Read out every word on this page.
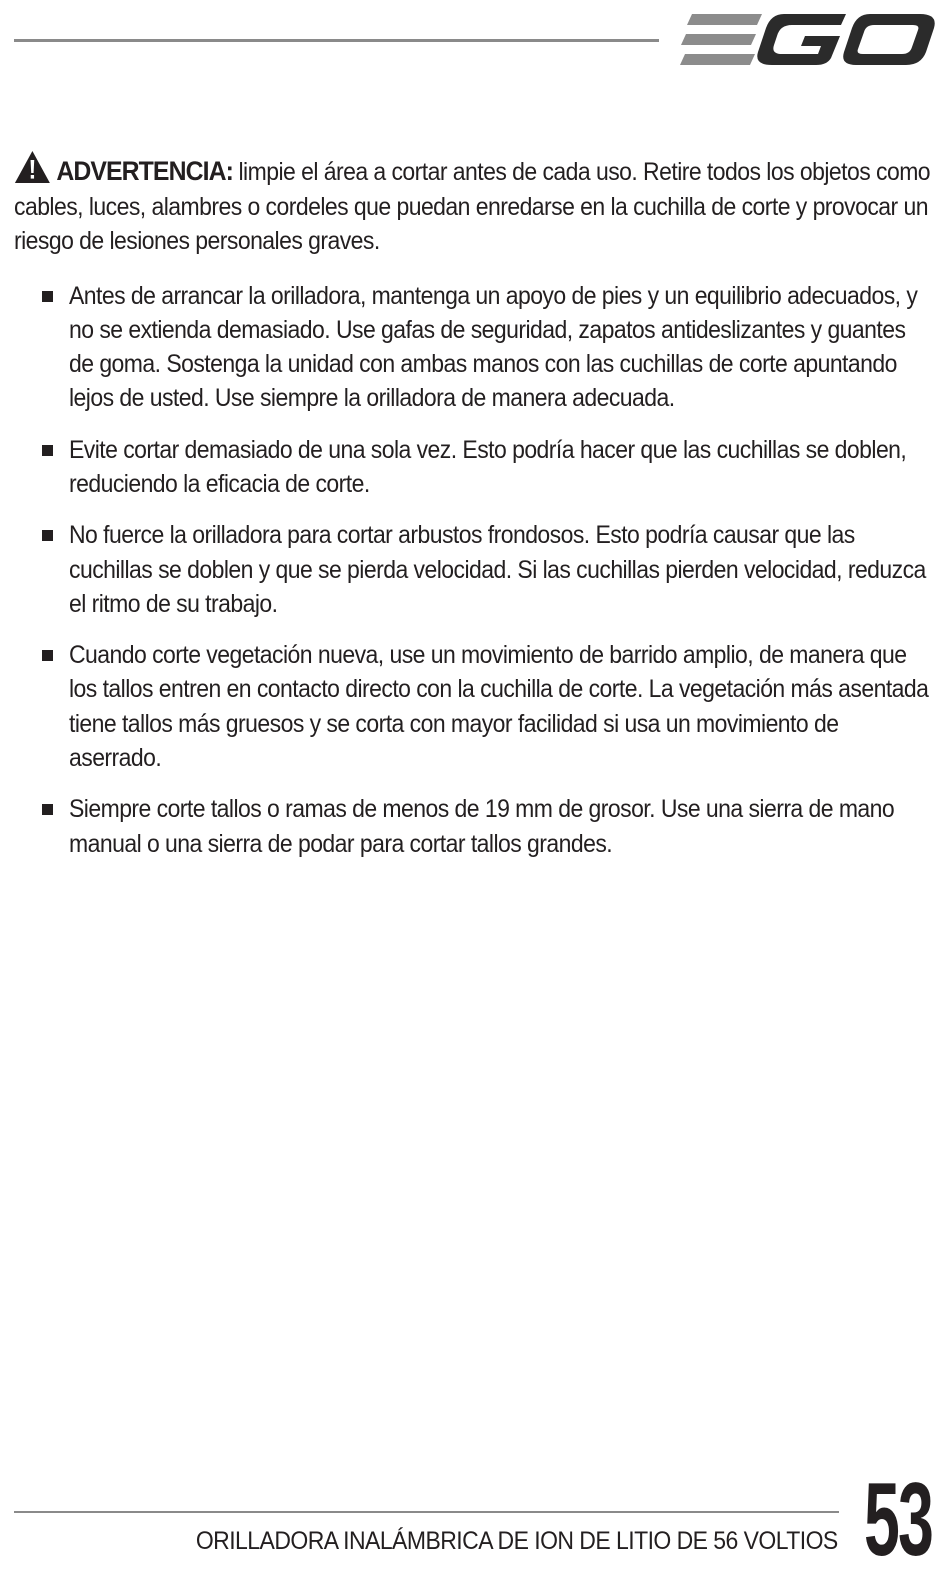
ADVERTENCIA: limpie el área a cortar antes de cada uso. Retire todos los objetos como cables, luces, alambres o cordeles que puedan enredarse en la cuchilla de corte y provocar un riesgo de lesiones personales graves.

Antes de arrancar la orilladora, mantenga un apoyo de pies y un equilibrio adecuados, y no se extienda demasiado. Use gafas de seguridad, zapatos antideslizantes y guantes de goma. Sostenga la unidad con ambas manos con las cuchillas de corte apuntando lejos de usted. Use siempre la orilladora de manera adecuada.
Evite cortar demasiado de una sola vez. Esto podría hacer que las cuchillas se doblen, reduciendo la eficacia de corte.
No fuerce la orilladora para cortar arbustos frondosos. Esto podría causar que las cuchillas se doblen y que se pierda velocidad. Si las cuchillas pierden velocidad, reduzca el ritmo de su trabajo.
Cuando corte vegetación nueva, use un movimiento de barrido amplio, de manera que los tallos entren en contacto directo con la cuchilla de corte. La vegetación más asentada tiene tallos más gruesos y se corta con mayor facilidad si usa un movimiento de aserrado.
Siempre corte tallos o ramas de menos de 19 mm de grosor. Use una sierra de mano manual o una sierra de podar para cortar tallos grandes.
ORILLADORA INALÁMBRICA DE ION DE LITIO DE 56 VOLTIOS 53
